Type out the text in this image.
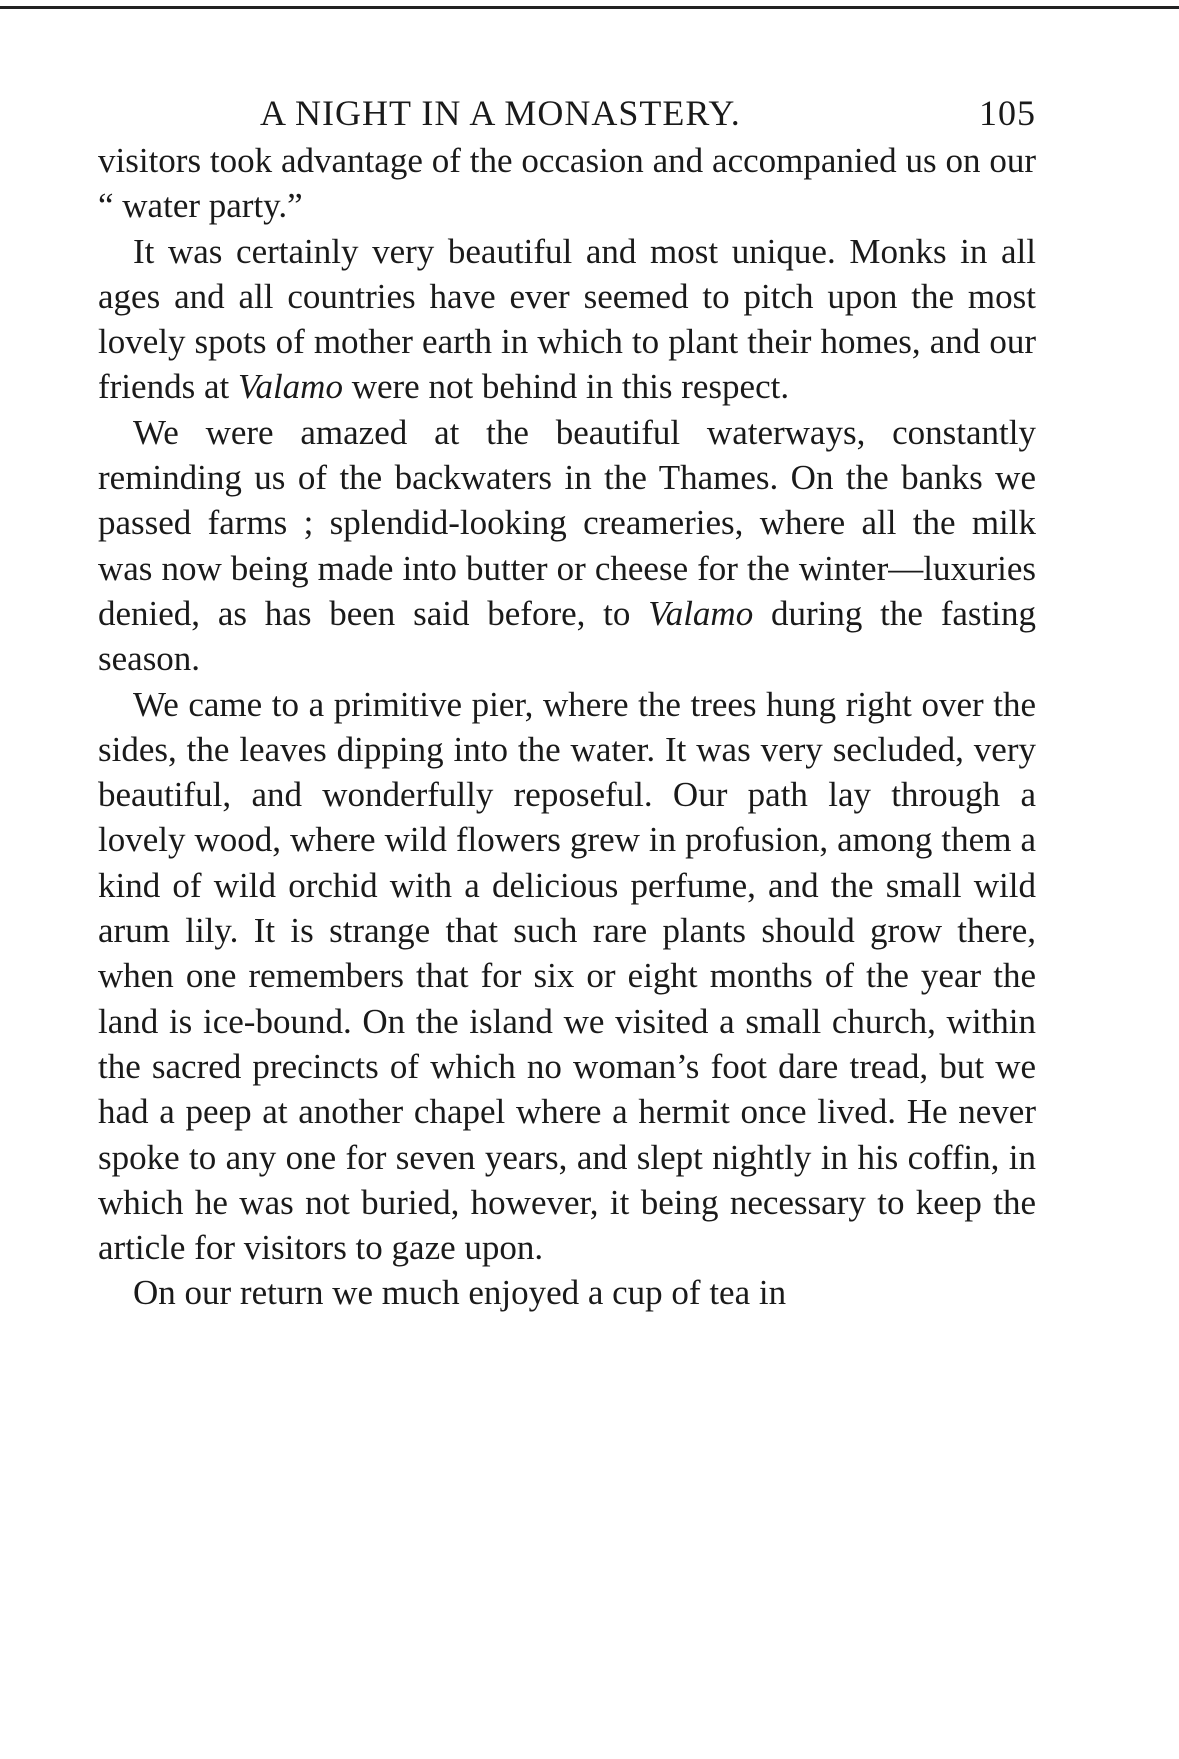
A NIGHT IN A MONASTERY.	105

visitors took advantage of the occasion and accompanied us on our “ water party.”

It was certainly very beautiful and most unique. Monks in all ages and all countries have ever seemed to pitch upon the most lovely spots of mother earth in which to plant their homes, and our friends at Valamo were not behind in this respect.

We were amazed at the beautiful waterways, constantly reminding us of the backwaters in the Thames. On the banks we passed farms ; splendid-looking creameries, where all the milk was now being made into butter or cheese for the winter—luxuries denied, as has been said before, to Valamo during the fasting season.

We came to a primitive pier, where the trees hung right over the sides, the leaves dipping into the water. It was very secluded, very beautiful, and wonderfully reposeful. Our path lay through a lovely wood, where wild flowers grew in profusion, among them a kind of wild orchid with a delicious perfume, and the small wild arum lily. It is strange that such rare plants should grow there, when one remembers that for six or eight months of the year the land is ice-bound. On the island we visited a small church, within the sacred precincts of which no woman’s foot dare tread, but we had a peep at another chapel where a hermit once lived. He never spoke to any one for seven years, and slept nightly in his coffin, in which he was not buried, however, it being necessary to keep the article for visitors to gaze upon.

On our return we much enjoyed a cup of tea in
